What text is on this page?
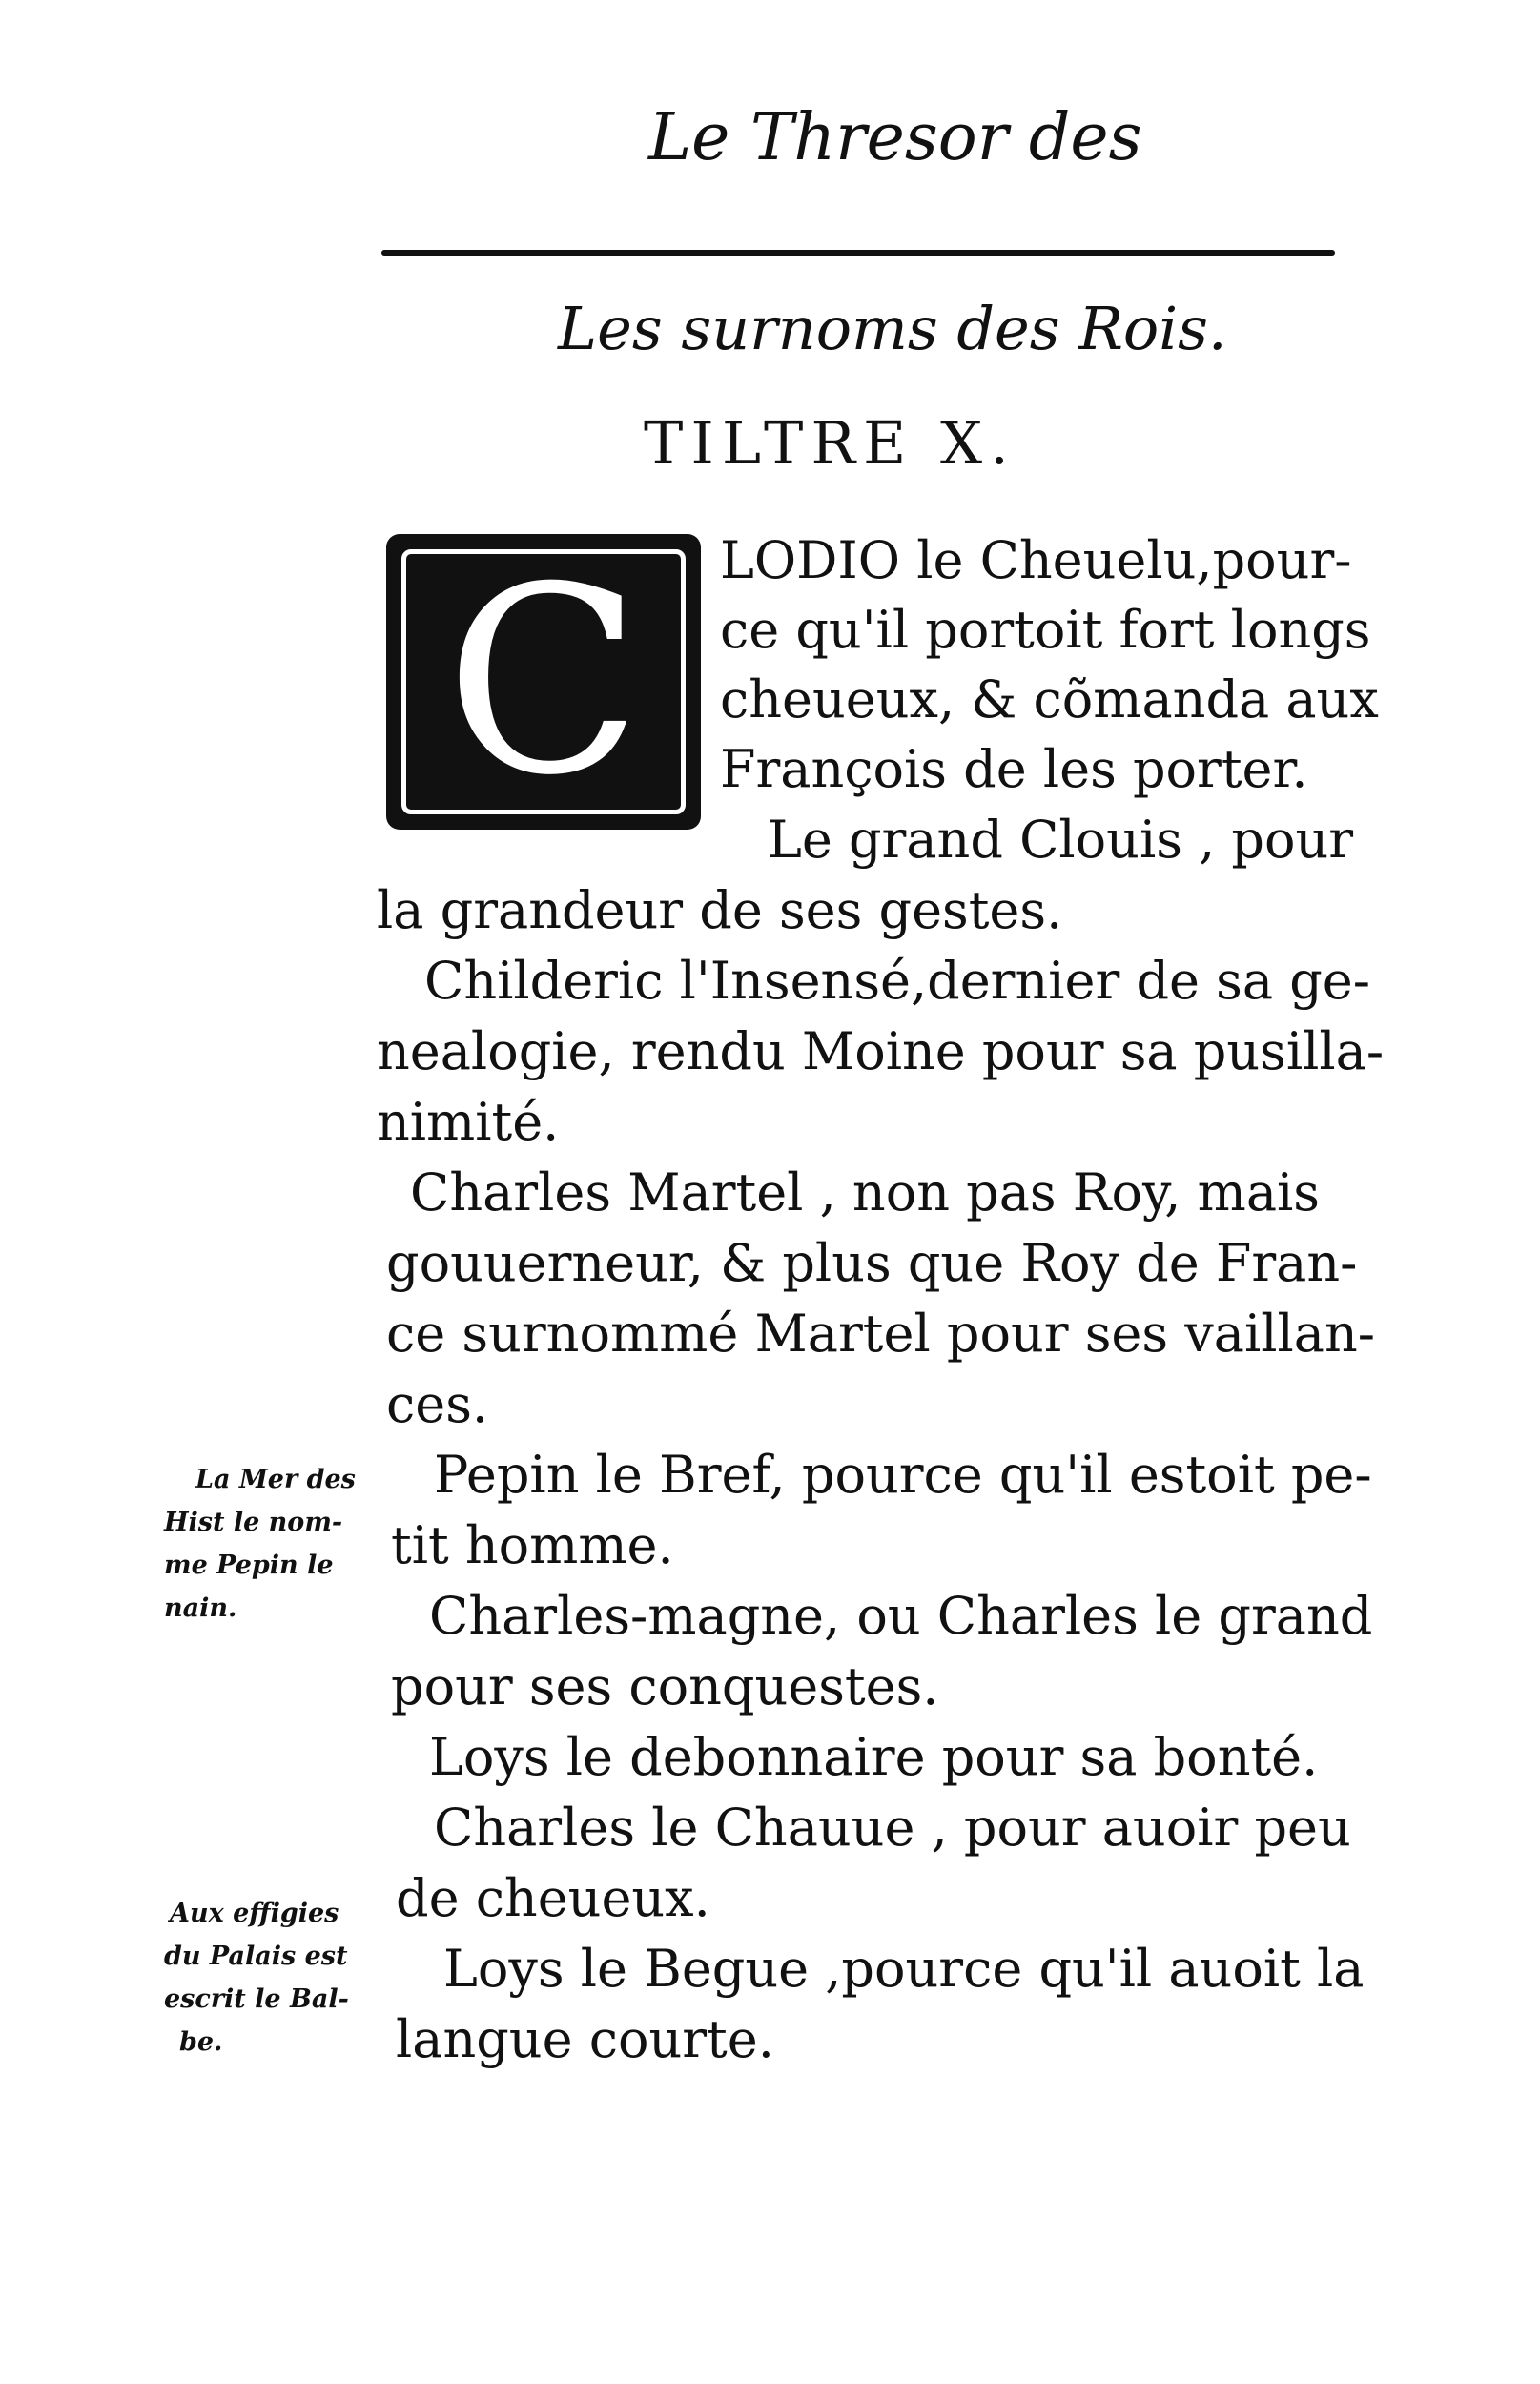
Le Thresor des
Les surnoms des Rois.
TILTRE X.
C	LODIO le Cheuelu,pour-
ce qu'il portoit fort longs
cheueux, & cõmanda aux
François de les porter.
Le grand Clouis , pour
la grandeur de ses gestes.
Childeric l'Insensé,dernier de sa ge-
nealogie, rendu Moine pour sa pusilla-
nimité.
Charles Martel , non pas Roy, mais
gouuerneur, & plus que Roy de Fran-
ce surnommé Martel pour ses vaillan-
ces.
Pepin le Bref, pource qu'il estoit pe-
tit homme.
Charles-magne, ou Charles le grand
pour ses conquestes.
Loys le debonnaire pour sa bonté.
Charles le Chauue , pour auoir peu
de cheueux.
Loys le Begue ,pource qu'il auoit la
langue courte.
La Mer des
Hist le nom-
me Pepin le
nain.
Aux effigies
du Palais est
escrit le Bal-
be.
